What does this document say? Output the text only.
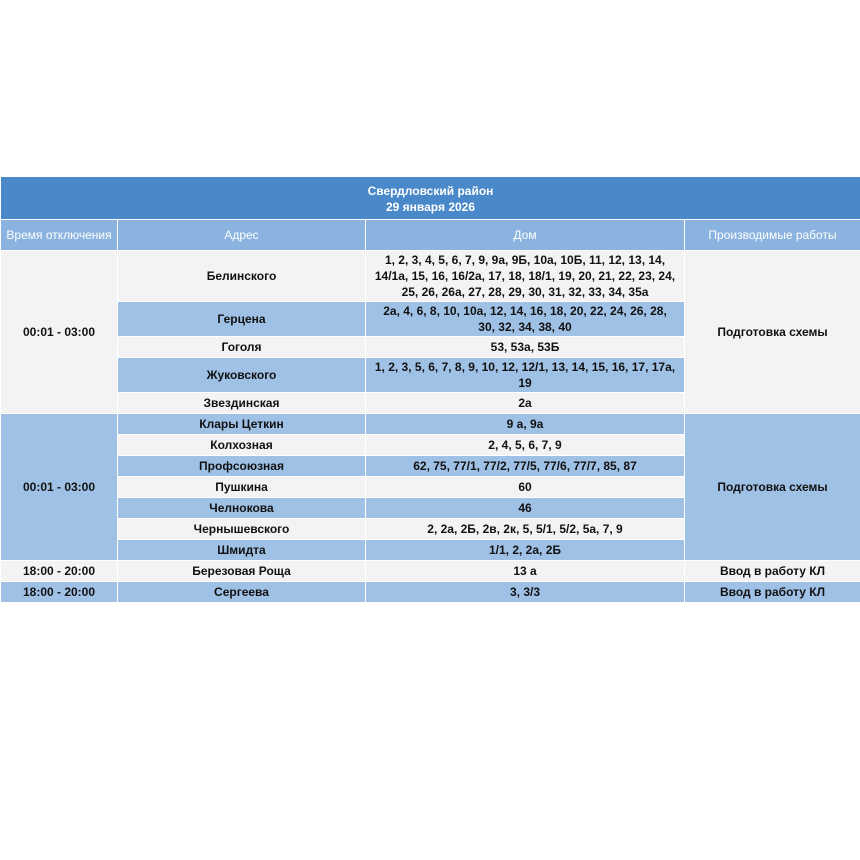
Свердловский район
29 января 2026			
Время отключения	Адрес	Дом	Производимые работы
00:01 - 03:00	Белинского	1, 2, 3, 4, 5, 6, 7, 9, 9а, 9Б, 10а, 10Б, 11, 12, 13, 14, 14/1а, 15, 16, 16/2а, 17, 18, 18/1, 19, 20, 21, 22, 23, 24, 25, 26, 26а, 27, 28, 29, 30, 31, 32, 33, 34, 35а	Подготовка схемы
	Герцена	2а, 4, 6, 8, 10, 10а, 12, 14, 16, 18, 20, 22, 24, 26, 28, 30, 32, 34, 38, 40	
	Гоголя	53, 53а, 53Б	
	Жуковского	1, 2, 3, 5, 6, 7, 8, 9, 10, 12, 12/1, 13, 14, 15, 16, 17, 17а, 19	
	Звездинская	2а	
00:01 - 03:00	Клары Цеткин	9 а, 9а	Подготовка схемы
	Колхозная	2, 4, 5, 6, 7, 9	
	Профсоюзная	62, 75, 77/1, 77/2, 77/5, 77/6, 77/7, 85, 87	
	Пушкина	60	
	Челнокова	46	
	Чернышевского	2, 2а, 2Б, 2в, 2к, 5, 5/1, 5/2, 5а, 7, 9	
	Шмидта	1/1, 2, 2а, 2Б	
18:00 - 20:00	Березовая Роща	13 а	Ввод в работу КЛ
18:00 - 20:00	Сергеева	3, 3/3	Ввод в работу КЛ
